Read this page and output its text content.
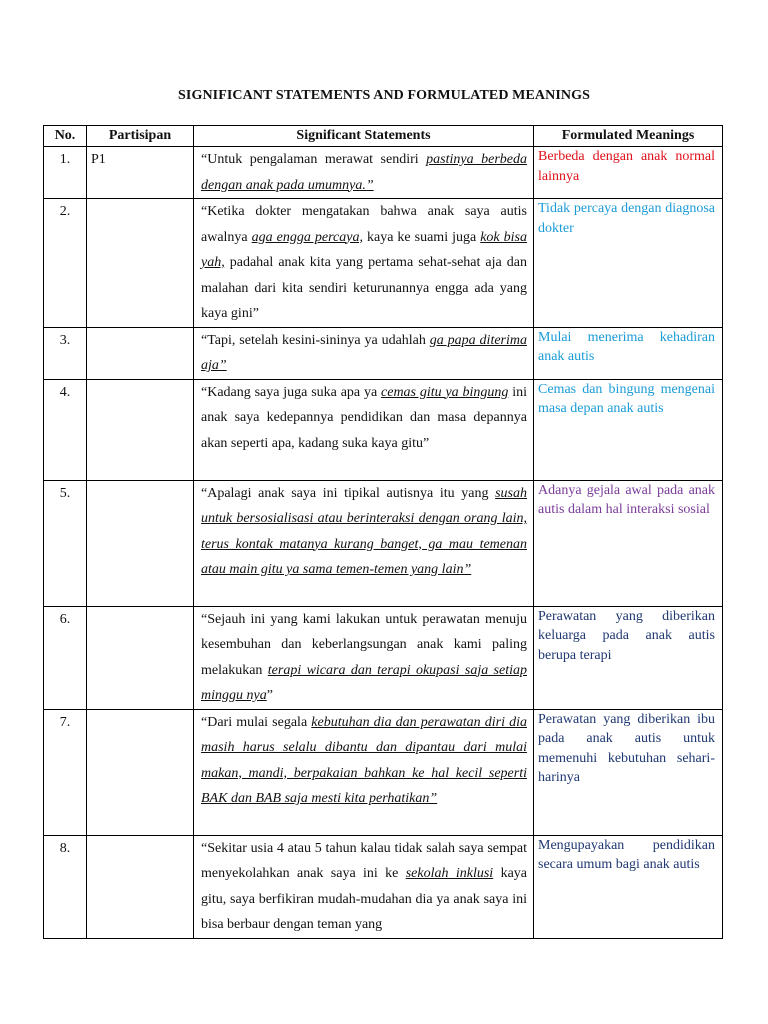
SIGNIFICANT STATEMENTS AND FORMULATED MEANINGS
No.	Partisipan	Significant Statements	Formulated Meanings
1.	P1	“Untuk pengalaman merawat sendiri pastinya berbeda dengan anak pada umumnya.”	Berbeda dengan anak normal lainnya
2.		“Ketika dokter mengatakan bahwa anak saya autis awalnya aga engga percaya, kaya ke suami juga kok bisa yah, padahal anak kita yang pertama sehat-sehat aja dan malahan dari kita sendiri keturunannya engga ada yang kaya gini”	Tidak percaya dengan diagnosa dokter
3.		“Tapi, setelah kesini-sininya ya udahlah ga papa diterima aja”	Mulai menerima kehadiran anak autis
4.		“Kadang saya juga suka apa ya cemas gitu ya bingung ini anak saya kedepannya pendidikan dan masa depannya akan seperti apa, kadang suka kaya gitu”	Cemas dan bingung mengenai masa depan anak autis
5.		“Apalagi anak saya ini tipikal autisnya itu yang susah untuk bersosialisasi atau berinteraksi dengan orang lain, terus kontak matanya kurang banget, ga mau temenan atau main gitu ya sama temen-temen yang lain”	Adanya gejala awal pada anak autis dalam hal interaksi sosial
6.		“Sejauh ini yang kami lakukan untuk perawatan menuju kesembuhan dan keberlangsungan anak kami paling melakukan terapi wicara dan terapi okupasi saja setiap minggu nya”	Perawatan yang diberikan keluarga pada anak autis berupa terapi
7.		“Dari mulai segala kebutuhan dia dan perawatan diri dia masih harus selalu dibantu dan dipantau dari mulai makan, mandi, berpakaian bahkan ke hal kecil seperti BAK dan BAB saja mesti kita perhatikan”	Perawatan yang diberikan ibu pada anak autis untuk memenuhi kebutuhan sehari-harinya
8.		“Sekitar usia 4 atau 5 tahun kalau tidak salah saya sempat menyekolahkan anak saya ini ke sekolah inklusi kaya gitu, saya berfikiran mudah-mudahan dia ya anak saya ini bisa berbaur dengan teman yang	Mengupayakan pendidikan secara umum bagi anak autis
